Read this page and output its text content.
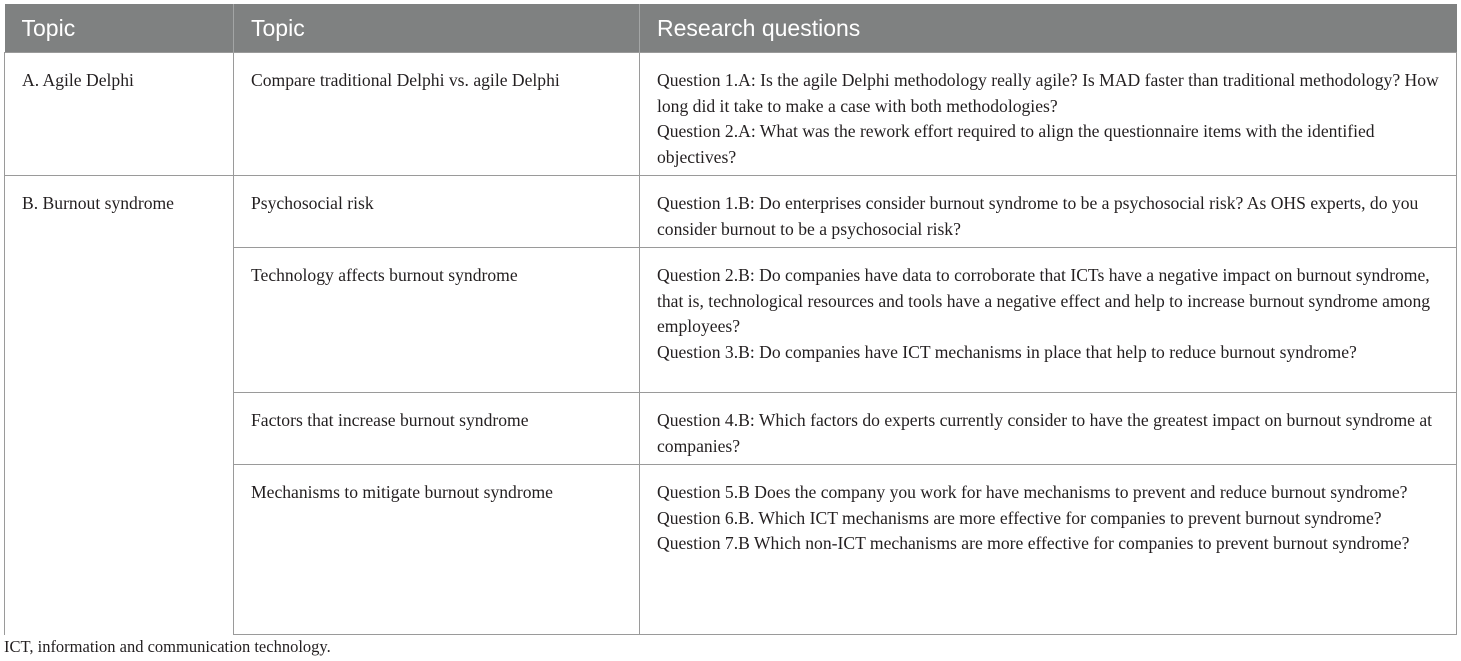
Topic	Topic	Research questions

A. Agile Delphi	Compare traditional Delphi vs. agile Delphi	Question 1.A: Is the agile Delphi methodology really agile? Is MAD faster than traditional methodology? How long did it take to make a case with both methodologies?
Question 2.A: What was the rework effort required to align the questionnaire items with the identified objectives?

B. Burnout syndrome	Psychosocial risk	Question 1.B: Do enterprises consider burnout syndrome to be a psychosocial risk? As OHS experts, do you consider burnout to be a psychosocial risk?

	Technology affects burnout syndrome	Question 2.B: Do companies have data to corroborate that ICTs have a negative impact on burnout syndrome, that is, technological resources and tools have a negative effect and help to increase burnout syndrome among employees?
Question 3.B: Do companies have ICT mechanisms in place that help to reduce burnout syndrome?

	Factors that increase burnout syndrome	Question 4.B: Which factors do experts currently consider to have the greatest impact on burnout syndrome at companies?

	Mechanisms to mitigate burnout syndrome	Question 5.B Does the company you work for have mechanisms to prevent and reduce burnout syndrome?
Question 6.B. Which ICT mechanisms are more effective for companies to prevent burnout syndrome?
Question 7.B Which non-ICT mechanisms are more effective for companies to prevent burnout syndrome?
ICT, information and communication technology.
